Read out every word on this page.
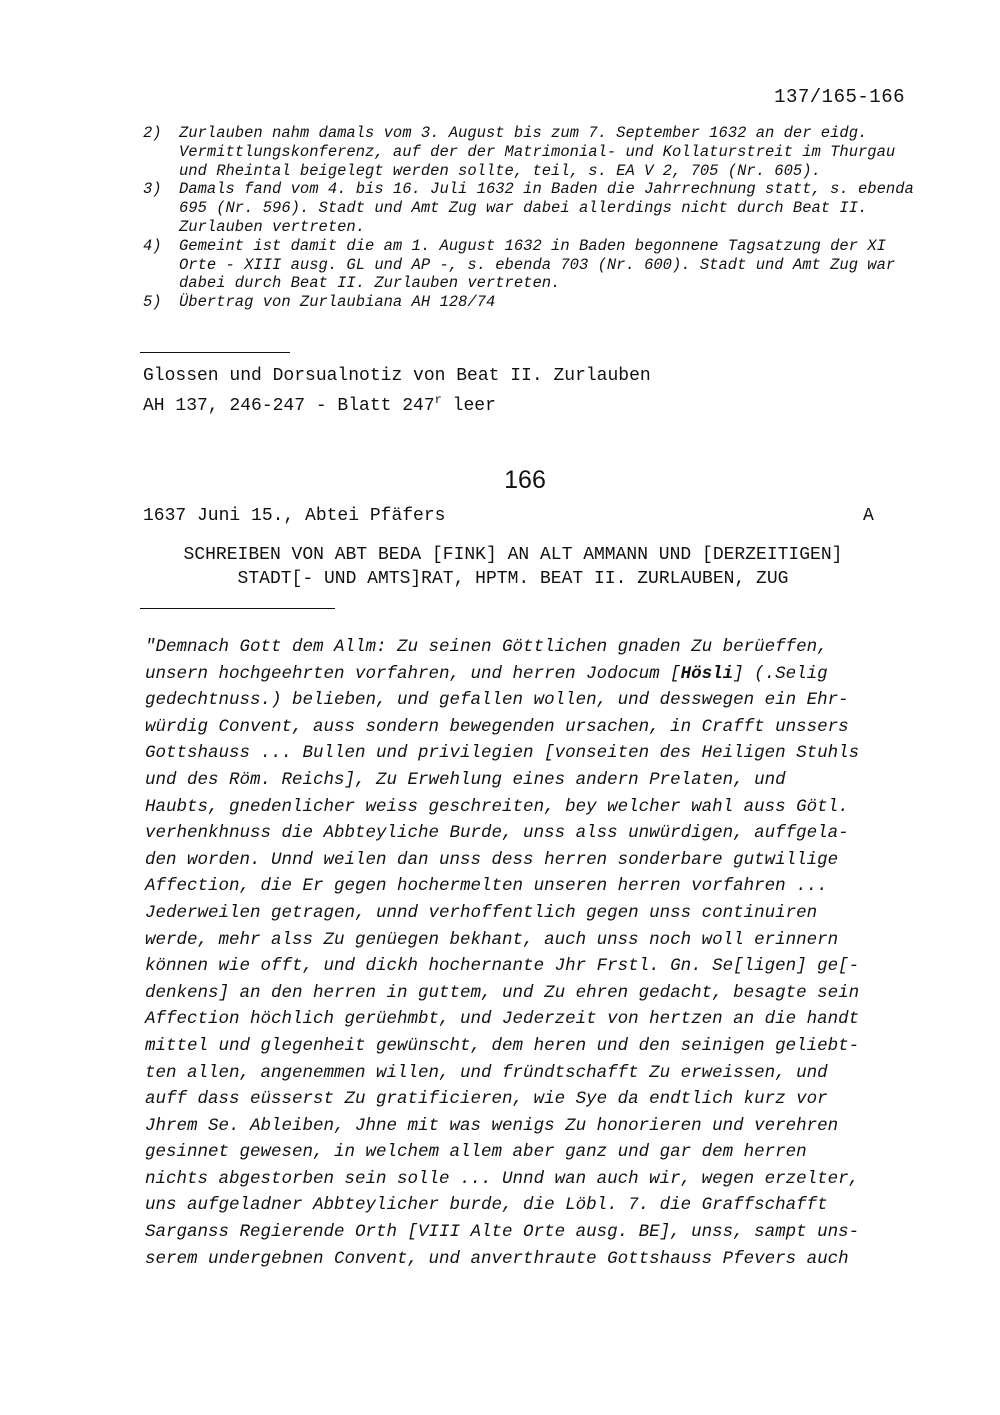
137/165-166
2)	Zurlauben nahm damals vom 3. August bis zum 7. September 1632 an der eidg. Vermittlungskonferenz, auf der der Matrimonial- und Kollaturstreit im Thurgau und Rheintal beigelegt werden sollte, teil, s. EA V 2, 705 (Nr. 605).
3)	Damals fand vom 4. bis 16. Juli 1632 in Baden die Jahrrechnung statt, s. ebenda 695 (Nr. 596). Stadt und Amt Zug war dabei allerdings nicht durch Beat II. Zurlauben vertreten.
4)	Gemeint ist damit die am 1. August 1632 in Baden begonnene Tagsatzung der XI Orte - XIII ausg. GL und AP -, s. ebenda 703 (Nr. 600). Stadt und Amt Zug war dabei durch Beat II. Zurlauben vertreten.
5)	Übertrag von Zurlaubiana AH 128/74
Glossen und Dorsualnotiz von Beat II. Zurlauben
AH 137, 246-247 - Blatt 247$^r$ leer
166
1637 Juni 15., Abtei Pfäfers	A
SCHREIBEN VON ABT BEDA [FINK] AN ALT AMMANN UND [DERZEITIGEN]
STADT[- UND AMTS]RAT, HPTM. BEAT II. ZURLAUBEN, ZUG
"Demnach Gott dem Allm: Zu seinen Göttlichen gnaden Zu berüeffen,
unsern hochgeehrten vorfahren, und herren Jodocum [Hösli] (.Selig
gedechtnuss.) belieben, und gefallen wollen, und desswegen ein Ehr-
würdig Convent, auss sondern bewegenden ursachen, in Crafft unssers
Gottshauss ... Bullen und privilegien [vonseiten des Heiligen Stuhls
und des Röm. Reichs], Zu Erwehlung eines andern Prelaten, und
Haubts, gnedenlicher weiss geschreiten, bey welcher wahl auss Götl.
verhenkhnuss die Abbteyliche Burde, unss alss unwürdigen, auffgela-
den worden. Unnd weilen dan unss dess herren sonderbare gutwillige
Affection, die Er gegen hochermelten unseren herren vorfahren ...
Jederweilen getragen, unnd verhoffentlich gegen unss continuiren
werde, mehr alss Zu genüegen bekhant, auch unss noch woll erinnern
können wie offt, und dickh hochernante Jhr Frstl. Gn. Se[ligen] ge[-
denkens] an den herren in guttem, und Zu ehren gedacht, besagte sein
Affection höchlich gerüehmbt, und Jederzeit von hertzen an die handt
mittel und glegenheit gewünscht, dem heren und den seinigen geliebt-
ten allen, angenemmen willen, und fründtschafft Zu erweissen, und
auff dass eüsserst Zu gratificieren, wie Sye da endtlich kurz vor
Jhrem Se. Ableiben, Jhne mit was wenigs Zu honorieren und verehren
gesinnet gewesen, in welchem allem aber ganz und gar dem herren
nichts abgestorben sein solle ... Unnd wan auch wir, wegen erzelter,
uns aufgeladner Abbteylicher burde, die Löbl. 7. die Graffschafft
Sarganss Regierende Orth [VIII Alte Orte ausg. BE], unss, sampt uns-
serem undergebnen Convent, und anverthraute Gottshauss Pfevers auch
